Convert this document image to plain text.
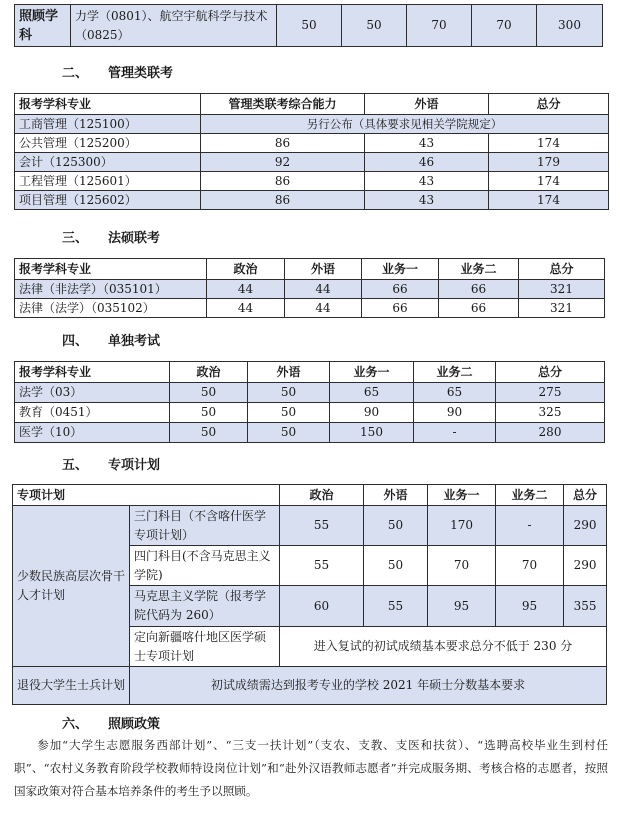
照顾学科	力学（0801）、航空宇航科学与技术（0825）	50	50	70	70	300
二、 管理类联考
报考学科专业	管理类联考综合能力	外语	总分
工商管理（125100）	另行公布（具体要求见相关学院规定）		
公共管理（125200）	86	43	174
会计（125300）	92	46	179
工程管理（125601）	86	43	174
项目管理（125602）	86	43	174
三、 法硕联考
报考学科专业	政治	外语	业务一	业务二	总分
法律（非法学）（035101）	44	44	66	66	321
法律（法学）（035102）	44	44	66	66	321
四、 单独考试
报考学科专业	政治	外语	业务一	业务二	总分
法学（03）	50	50	65	65	275
教育（0451）	50	50	90	90	325
医学（10）	50	50	150	-	280
五、 专项计划
专项计划		政治	外语	业务一	业务二	总分
少数民族高层次骨干人才计划	三门科目（不含喀什医学专项计划）	55	50	170	-	290
	四门科目(不含马克思主义学院)	55	50	70	70	290
	马克思主义学院（报考学院代码为 260）	60	55	95	95	355
	定向新疆喀什地区医学硕士专项计划	进入复试的初试成绩基本要求总分不低于 230 分				
退役大学生士兵计划	初试成绩需达到报考专业的学校 2021 年硕士分数基本要求					
六、 照顾政策

参加“大学生志愿服务西部计划”、“三支一扶计划”（支农、支教、支医和扶贫）、“选聘高校毕业生到村任职”、“农村义务教育阶段学校教师特设岗位计划”和“赴外汉语教师志愿者”并完成服务期、考核合格的志愿者，按照国家政策对符合基本培养条件的考生予以照顾。
